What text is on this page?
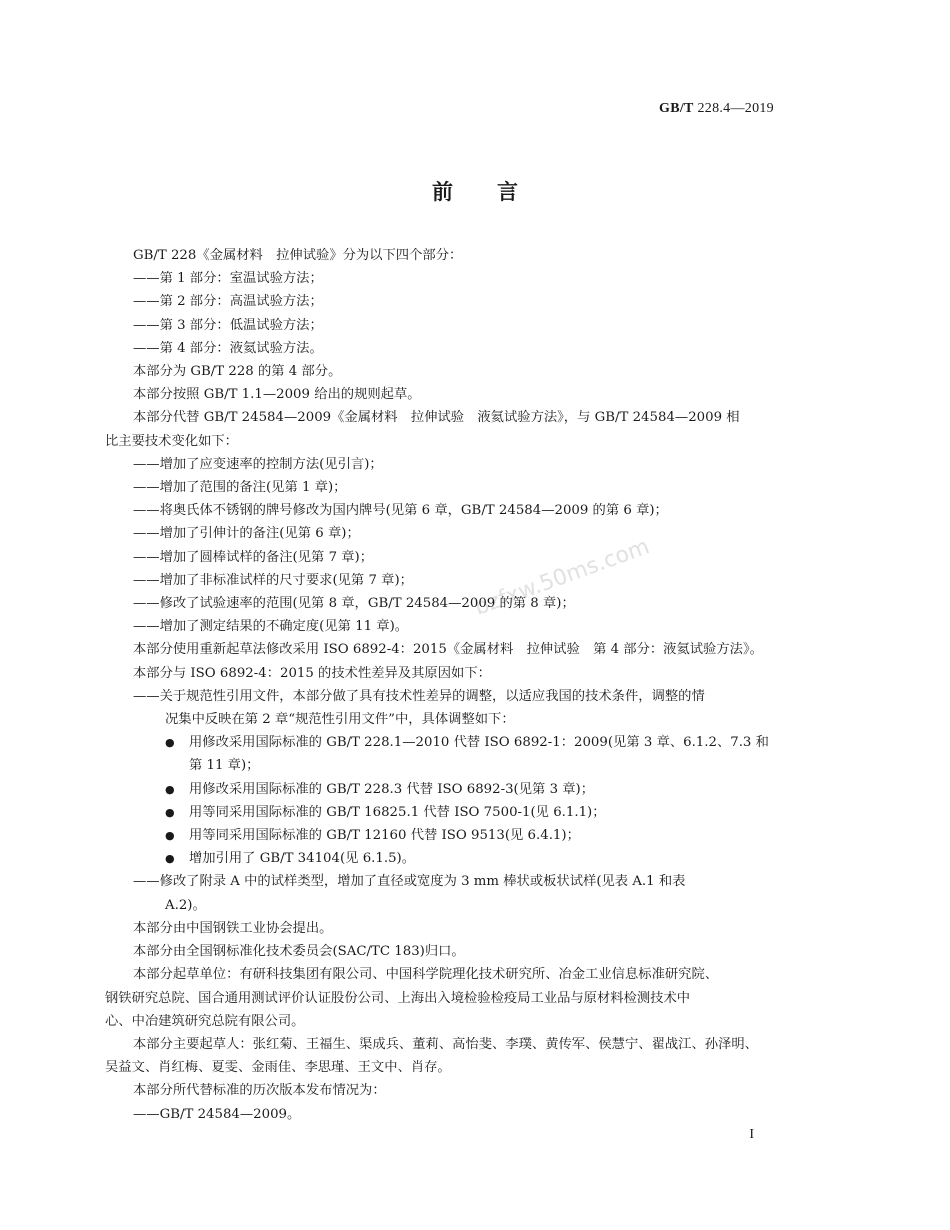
GB/T 228.4—2019
前言
bzfxw.50ms.com

GB/T 228《金属材料　拉伸试验》分为以下四个部分：

——第 1 部分：室温试验方法；

——第 2 部分：高温试验方法；

——第 3 部分：低温试验方法；

——第 4 部分：液氦试验方法。

本部分为 GB/T 228 的第 4 部分。

本部分按照 GB/T 1.1—2009 给出的规则起草。

本部分代替 GB/T 24584—2009《金属材料　拉伸试验　液氦试验方法》，与 GB/T 24584—2009 相

比主要技术变化如下：

——增加了应变速率的控制方法(见引言)；

——增加了范围的备注(见第 1 章)；

——将奥氏体不锈钢的牌号修改为国内牌号(见第 6 章，GB/T 24584—2009 的第 6 章)；

——增加了引伸计的备注(见第 6 章)；

——增加了圆棒试样的备注(见第 7 章)；

——增加了非标准试样的尺寸要求(见第 7 章)；

——修改了试验速率的范围(见第 8 章，GB/T 24584—2009 的第 8 章)；

——增加了测定结果的不确定度(见第 11 章)。

本部分使用重新起草法修改采用 ISO 6892-4：2015《金属材料　拉伸试验　第 4 部分：液氦试验方法》。

本部分与 ISO 6892-4：2015 的技术性差异及其原因如下：

——关于规范性引用文件，本部分做了具有技术性差异的调整，以适应我国的技术条件，调整的情

况集中反映在第 2 章“规范性引用文件”中，具体调整如下：

● 用修改采用国际标准的 GB/T 228.1—2010 代替 ISO 6892-1：2009(见第 3 章、6.1.2、7.3 和

第 11 章)；

● 用修改采用国际标准的 GB/T 228.3 代替 ISO 6892-3(见第 3 章)；

● 用等同采用国际标准的 GB/T 16825.1 代替 ISO 7500-1(见 6.1.1)；

● 用等同采用国际标准的 GB/T 12160 代替 ISO 9513(见 6.4.1)；

● 增加引用了 GB/T 34104(见 6.1.5)。

——修改了附录 A 中的试样类型，增加了直径或宽度为 3 mm 棒状或板状试样(见表 A.1 和表

A.2)。

本部分由中国钢铁工业协会提出。

本部分由全国钢标准化技术委员会(SAC/TC 183)归口。

本部分起草单位：有研科技集团有限公司、中国科学院理化技术研究所、冶金工业信息标准研究院、

钢铁研究总院、国合通用测试评价认证股份公司、上海出入境检验检疫局工业品与原材料检测技术中

心、中冶建筑研究总院有限公司。

本部分主要起草人：张红菊、王福生、渠成兵、董莉、高怡斐、李璞、黄传军、侯慧宁、翟战江、孙泽明、

吴益文、肖红梅、夏雯、金雨佳、李思瑾、王文中、肖存。

本部分所代替标准的历次版本发布情况为：

——GB/T 24584—2009。

I
